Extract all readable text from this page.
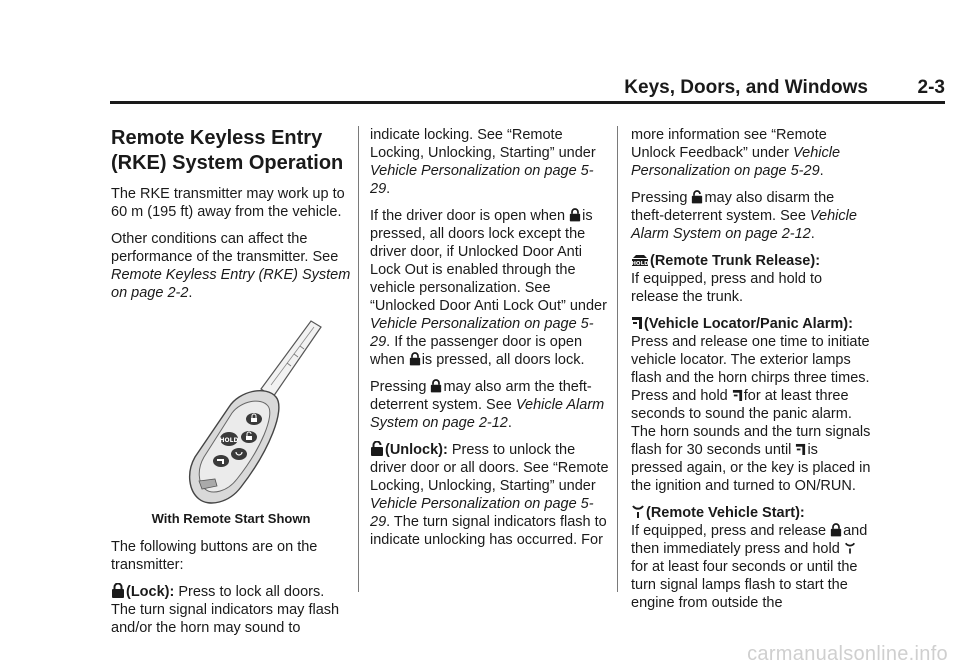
Keys, Doors, and Windows	2-3
Remote Keyless Entry
(RKE) System Operation

The RKE transmitter may work up to 60 m (195 ft) away from the vehicle.

Other conditions can affect the performance of the transmitter. See Remote Keyless Entry (RKE) System on page 2-2.

HOLD
With Remote Start Shown

The following buttons are on the transmitter:

(Lock): Press to lock all doors. The turn signal indicators may flash and/or the horn may sound to

indicate locking. See “Remote Locking, Unlocking, Starting” under Vehicle Personalization on page 5-29.

If the driver door is open when
is pressed, all doors lock except the driver door, if Unlocked Door Anti Lock Out is enabled through the vehicle personalization. See “Unlocked Door Anti Lock Out” under Vehicle Personalization on page 5-29. If the passenger door is open when
is pressed, all doors lock.

Pressing
may also arm the theft-deterrent system. See Vehicle Alarm System on page 2-12.

(Unlock): Press to unlock the driver door or all doors. See “Remote Locking, Unlocking, Starting” under Vehicle Personalization on page 5-29. The turn signal indicators flash to indicate unlocking has occurred. For

more information see “Remote Unlock Feedback” under Vehicle Personalization on page 5-29.

Pressing
may also disarm the theft-deterrent system. See Vehicle Alarm System on page 2-12.

HOLD (Remote Trunk Release):
If equipped, press and hold to release the trunk.

(Vehicle Locator/Panic Alarm): Press and release one time to initiate vehicle locator. The exterior lamps flash and the horn chirps three times. Press and hold
for at least three seconds to sound the panic alarm. The horn sounds and the turn signals flash for 30 seconds until
is pressed again, or the key is placed in the ignition and turned to ON/RUN.

(Remote Vehicle Start):
If equipped, press and release
and then immediately press and hold
for at least four seconds or until the turn signal lamps flash to start the engine from outside the

carmanualsonline.info
